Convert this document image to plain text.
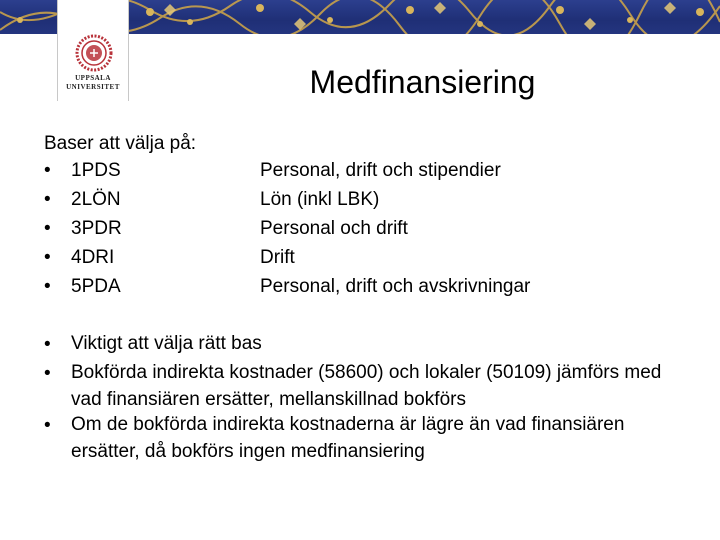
UPPSALA
UNIVERSITET	Medfinansiering
Baser att välja på:
• 1PDS	Personal, drift och stipendier
• 2LÖN	Lön (inkl LBK)
• 3PDR	Personal och drift
• 4DRI	Drift
• 5PDA	Personal, drift och avskrivningar
• Viktigt att välja rätt bas
• Bokförda indirekta kostnader (58600) och lokaler (50109) jämförs med vad finansiären ersätter, mellanskillnad bokförs
• Om de bokförda indirekta kostnaderna är lägre än vad finansiären ersätter, då bokförs ingen medfinansiering
